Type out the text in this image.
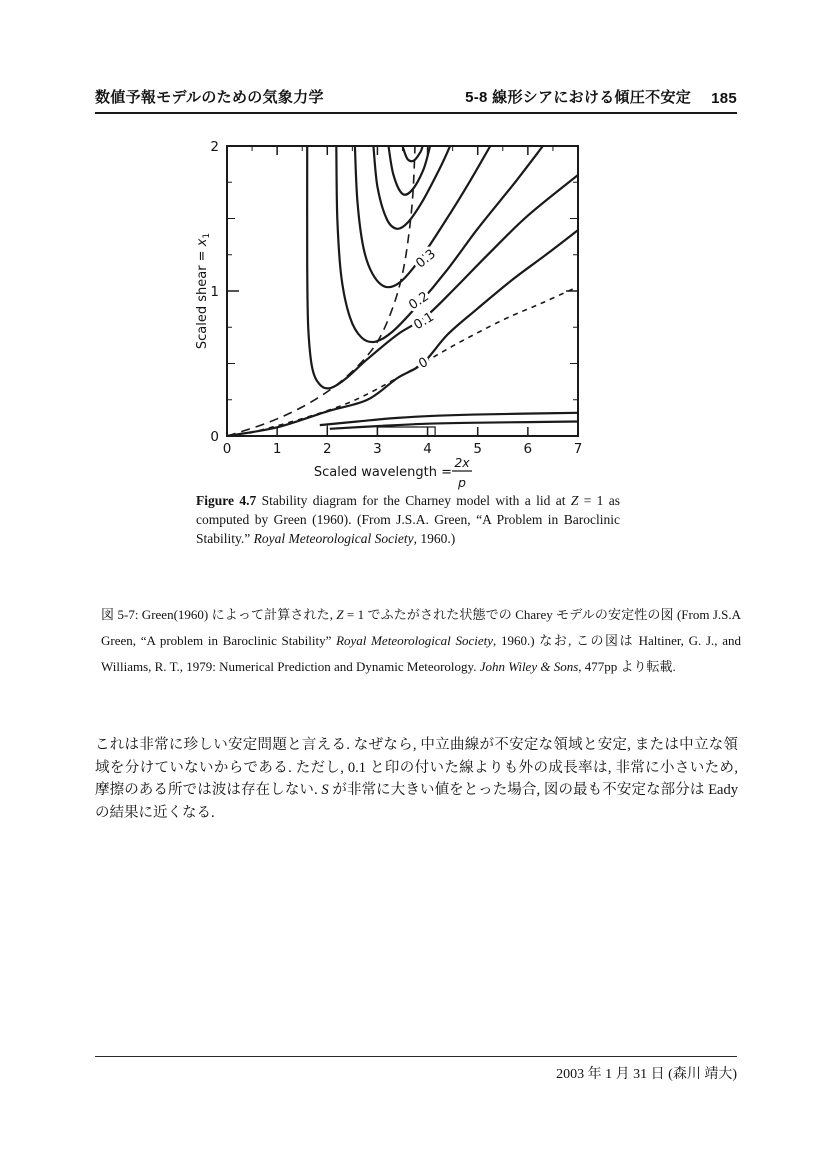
数値予報モデルのための気象力学	5-8 線形シアにおける傾圧不安定 185
0
0.1
0.2
0.3
0	1	2	3	4	5	6	7
0
1
2
Scaled wavelength =
2x
p
Scaled shear = $x_1$
Figure 4.7 Stability diagram for the Charney model with a lid at Z = 1 as computed by Green (1960). (From J.S.A. Green, “A Problem in Baroclinic Stability.” Royal Meteorological Society, 1960.)
図 5-7: Green(1960) によって計算された, Z = 1 でふたがされた状態での Charey モデルの安定性の図 (From J.S.A Green, “A problem in Baroclinic Stability” Royal Meteorological Society, 1960.) なお, この図は Haltiner, G. J., and Williams, R. T., 1979: Numerical Prediction and Dynamic Meteorology. John Wiley & Sons, 477pp より転載.
これは非常に珍しい安定問題と言える. なぜなら, 中立曲線が不安定な領域と安定, または中立な領域を分けていないからである. ただし, 0.1 と印の付いた線よりも外の成長率は, 非常に小さいため, 摩擦のある所では波は存在しない. S が非常に大きい値をとった場合, 図の最も不安定な部分は Eady の結果に近くなる.
2003 年 1 月 31 日 (森川 靖大)
